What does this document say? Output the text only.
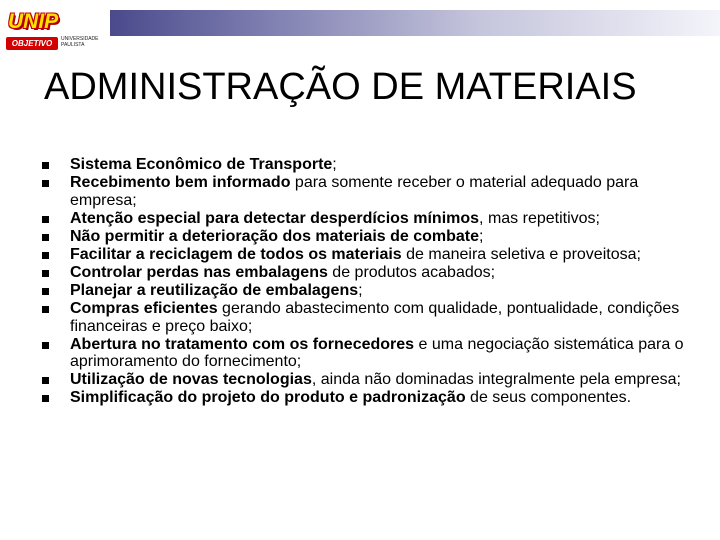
UNIP
OBJETIVO	UNIVERSIDADE PAULISTA
ADMINISTRAÇÃO DE MATERIAIS
Sistema Econômico de Transporte;
Recebimento bem informado para somente receber o material adequado para empresa;
Atenção especial para detectar desperdícios mínimos, mas repetitivos;
Não permitir a deterioração dos materiais de combate;
Facilitar a reciclagem de todos os materiais de maneira seletiva e proveitosa;
Controlar perdas nas embalagens de produtos acabados;
Planejar a reutilização de embalagens;
Compras eficientes gerando abastecimento com qualidade, pontualidade, condições financeiras e preço baixo;
Abertura no tratamento com os fornecedores e uma negociação sistemática para o aprimoramento do fornecimento;
Utilização de novas tecnologias, ainda não dominadas integralmente pela empresa;
Simplificação do projeto do produto e padronização de seus componentes.
